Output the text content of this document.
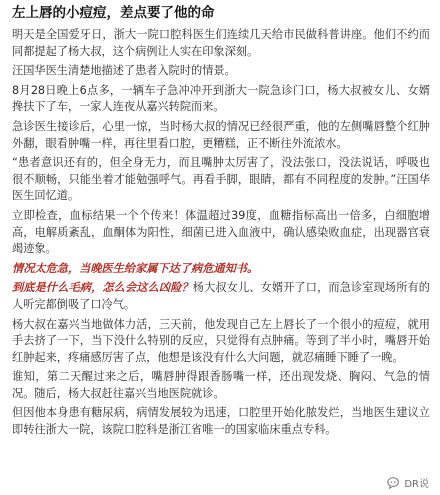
左上唇的小痘痘，差点要了他的命

明天是全国爱牙日，浙大一院口腔科医生们连续几天给市民做科普讲座。他们不约而同都提起了杨大叔，这个病例让人实在印象深刻。

汪国华医生清楚地描述了患者入院时的情景。

8月28日晚上6点多，一辆车子急冲冲开到浙大一院急诊门口，杨大叔被女儿、女婿搀扶下了车，一家人连夜从嘉兴转院而来。

急诊医生接诊后，心里一惊，当时杨大叔的情况已经很严重，他的左侧嘴唇整个红肿外翻，眼看肿嘴一样，再往里看口腔，更糟糕，正不断往外流浓水。

“患者意识还有的，但全身无力，而且嘴肿太厉害了，没法张口，没法说话，呼吸也很不顺畅，只能坐着才能勉强呼气。再看手脚，眼睛，都有不同程度的发肿。”汪国华医生回忆道。

立即检查，血标结果一个个传来！体温超过39度，血糖指标高出一倍多，白细胞增高，电解质紊乱，血酮体为阳性，细菌已进入血液中，确认感染败血症，出现器官衰竭迹象。

情况太危急，当晚医生给家属下达了病危通知书。

到底是什么毛病，怎么会这么凶险？杨大叔女儿、女婿开了口，而急诊室现场所有的人听完都倒吸了口冷气。

杨大叔在嘉兴当地做体力活，三天前，他发现自己左上唇长了一个很小的痘痘，就用手去挤了一下，当下没什么特别的反应，只觉得有点肿痛。等到了半小时，嘴唇开始红肿起来，疼痛感厉害了点，他想是该没有什么大问题，就忍痛睡下睡了一晚。

谁知，第二天醒过来之后，嘴唇肿得跟香肠嘴一样，还出现发烧、胸闷、气急的情况。随后，杨大叔赶往嘉兴当地医院就诊。

但因他本身患有糖尿病，病情发展较为迅速，口腔里开始化脓发烂，当地医生建议立即转往浙大一院，该院口腔科是浙江省唯一的国家临床重点专科。

DR说
